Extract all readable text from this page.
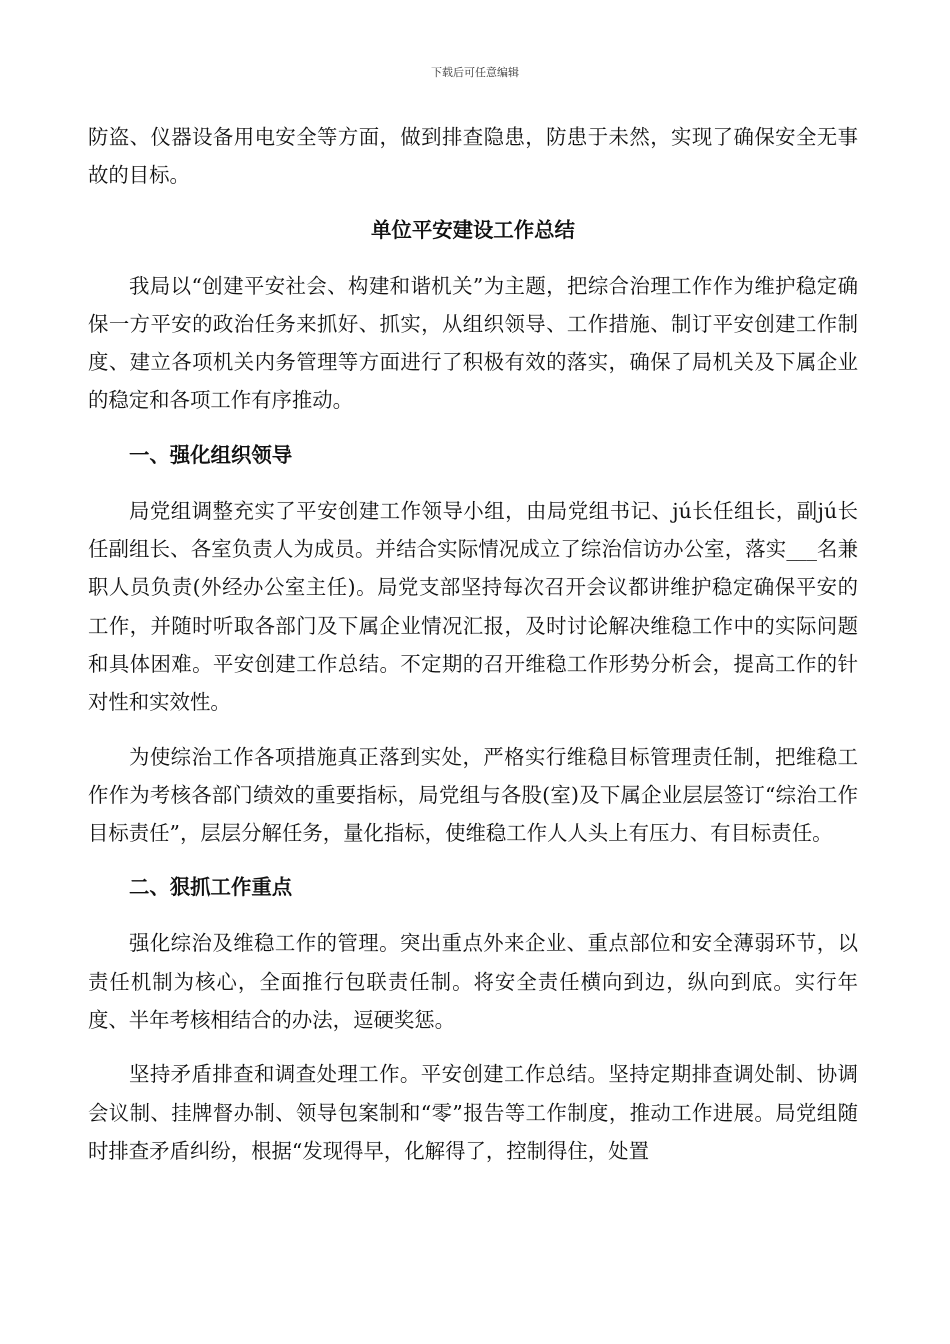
下载后可任意编辑

防盗、仪器设备用电安全等方面，做到排查隐患，防患于未然，实现了确保安全无事故的目标。

单位平安建设工作总结

我局以“创建平安社会、构建和谐机关”为主题，把综合治理工作作为维护稳定确保一方平安的政治任务来抓好、抓实，从组织领导、工作措施、制订平安创建工作制度、建立各项机关内务管理等方面进行了积极有效的落实，确保了局机关及下属企业的稳定和各项工作有序推动。

一、强化组织领导

局党组调整充实了平安创建工作领导小组，由局党组书记、jú长任组长，副jú长任副组长、各室负责人为成员。并结合实际情况成立了综治信访办公室，落实___名兼职人员负责(外经办公室主任)。局党支部坚持每次召开会议都讲维护稳定确保平安的工作，并随时听取各部门及下属企业情况汇报，及时讨论解决维稳工作中的实际问题和具体困难。平安创建工作总结。不定期的召开维稳工作形势分析会，提高工作的针对性和实效性。

为使综治工作各项措施真正落到实处，严格实行维稳目标管理责任制，把维稳工作作为考核各部门绩效的重要指标，局党组与各股(室)及下属企业层层签订“综治工作目标责任”，层层分解任务，量化指标，使维稳工作人人头上有压力、有目标责任。

二、狠抓工作重点

强化综治及维稳工作的管理。突出重点外来企业、重点部位和安全薄弱环节，以责任机制为核心，全面推行包联责任制。将安全责任横向到边，纵向到底。实行年度、半年考核相结合的办法，逗硬奖惩。

坚持矛盾排查和调查处理工作。平安创建工作总结。坚持定期排查调处制、协调会议制、挂牌督办制、领导包案制和“零”报告等工作制度，推动工作进展。局党组随时排查矛盾纠纷，根据“发现得早，化解得了，控制得住，处置
